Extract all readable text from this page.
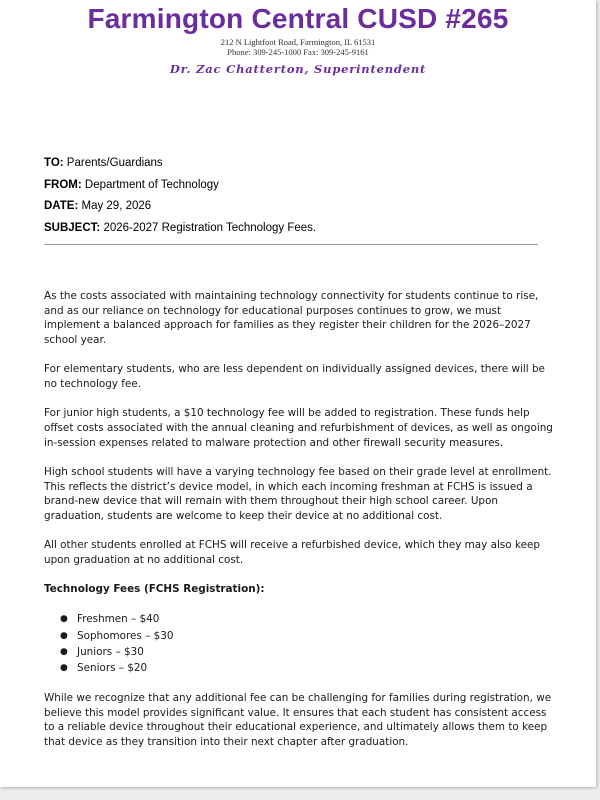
Farmington Central CUSD #265
212 N Lightfoot Road, Farmington, IL 61531
Phone: 309-245-1000 Fax: 309-245-9161
Dr. Zac Chatterton, Superintendent
TO: Parents/Guardians
FROM: Department of Technology
DATE: May 29, 2026
SUBJECT: 2026-2027 Registration Technology Fees.

As the costs associated with maintaining technology connectivity for students continue to rise, and as our reliance on technology for educational purposes continues to grow, we must implement a balanced approach for families as they register their children for the 2026–2027 school year.

For elementary students, who are less dependent on individually assigned devices, there will be no technology fee.

For junior high students, a $10 technology fee will be added to registration. These funds help offset costs associated with the annual cleaning and refurbishment of devices, as well as ongoing in-session expenses related to malware protection and other firewall security measures.

High school students will have a varying technology fee based on their grade level at enrollment. This reflects the district’s device model, in which each incoming freshman at FCHS is issued a brand-new device that will remain with them throughout their high school career. Upon graduation, students are welcome to keep their device at no additional cost.

All other students enrolled at FCHS will receive a refurbished device, which they may also keep upon graduation at no additional cost.

Technology Fees (FCHS Registration):

● Freshmen – $40
● Sophomores – $30
● Juniors – $30
● Seniors – $20

While we recognize that any additional fee can be challenging for families during registration, we believe this model provides significant value. It ensures that each student has consistent access to a reliable device throughout their educational experience, and ultimately allows them to keep that device as they transition into their next chapter after graduation.
